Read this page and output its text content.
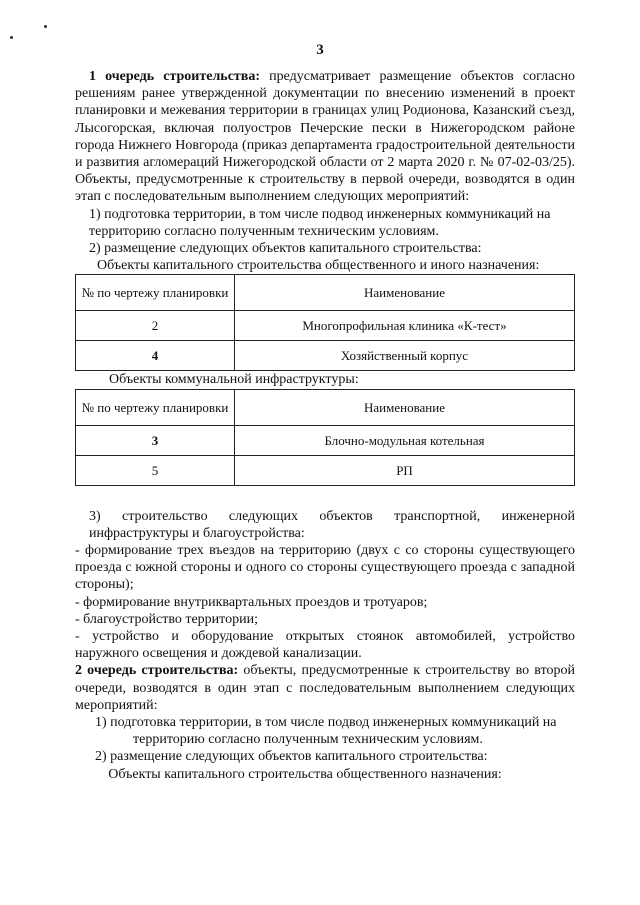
3

1 очередь строительства: предусматривает размещение объектов согласно решениям ранее утвержденной документации по внесению изменений в проект планировки и межевания территории в границах улиц Родионова, Казанский съезд, Лысогорская, включая полуостров Печерские пески в Нижегородском районе города Нижнего Новгорода (приказ департамента градостроительной деятельности и развития агломераций Нижегородской области от 2 марта 2020 г. № 07-02-03/25). Объекты, предусмотренные к строительству в первой очереди, возводятся в один этап с последовательным выполнением следующих мероприятий:

1) подготовка территории, в том числе подвод инженерных коммуникаций на территорию согласно полученным техническим условиям.

2) размещение следующих объектов капитального строительства:

Объекты капитального строительства общественного и иного назначения:

№ по чертежу планировки	Наименование
2	Многопрофильная клиника «К-тест»
4	Хозяйственный корпус

Объекты коммунальной инфраструктуры:

№ по чертежу планировки	Наименование
3	Блочно-модульная котельная
5	РП

3) строительство следующих объектов транспортной, инженерной инфраструктуры и благоустройства:

- формирование трех въездов на территорию (двух с со стороны существующего проезда с южной стороны и одного со стороны существующего проезда с западной стороны);

- формирование внутриквартальных проездов и тротуаров;

- благоустройство территории;

- устройство и оборудование открытых стоянок автомобилей, устройство наружного освещения и дождевой канализации.

2 очередь строительства: объекты, предусмотренные к строительству во второй очереди, возводятся в один этап с последовательным выполнением следующих мероприятий:

1) подготовка территории, в том числе подвод инженерных коммуникаций на

территорию согласно полученным техническим условиям.

2) размещение следующих объектов капитального строительства:

Объекты капитального строительства общественного назначения:
